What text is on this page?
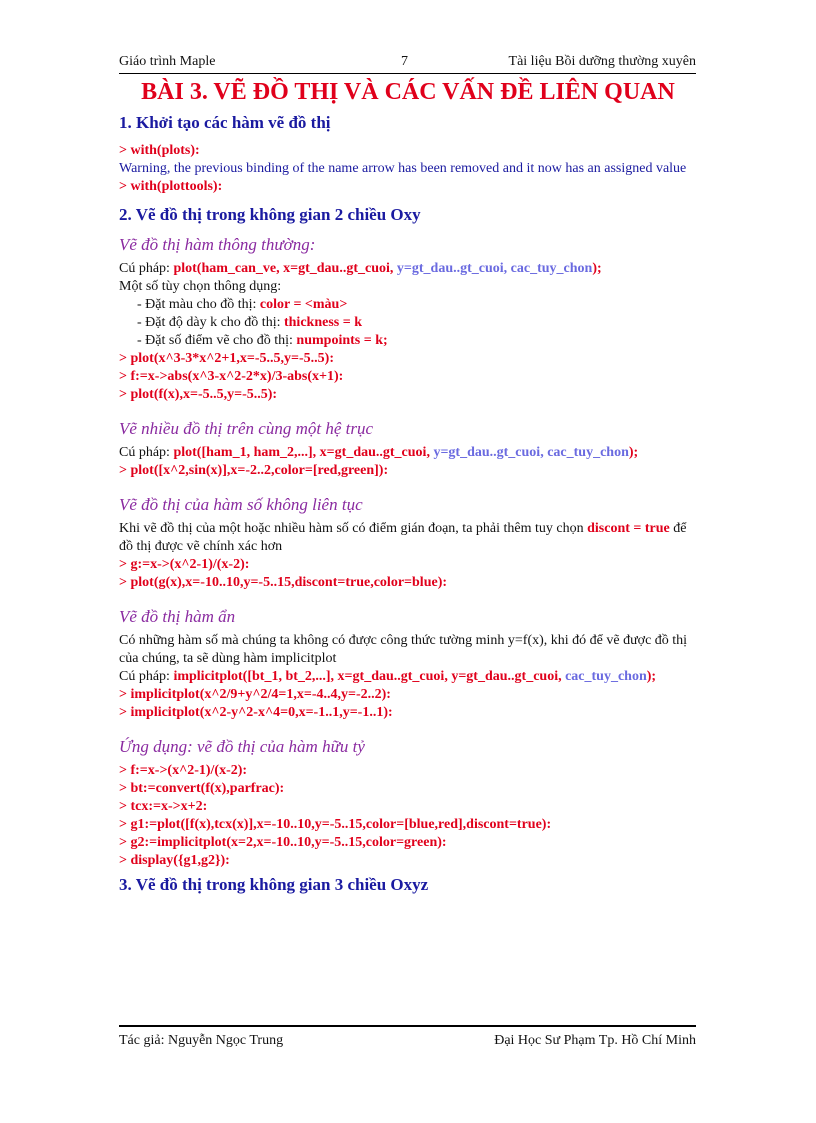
Giáo trình Maple	7	Tài liệu Bồi dưỡng thường xuyên
BÀI 3. VẼ ĐỒ THỊ VÀ CÁC VẤN ĐỀ LIÊN QUAN
1. Khởi tạo các hàm vẽ đồ thị

> with(plots):

Warning, the previous binding of the name arrow has been removed and it now has an assigned value

> with(plottools):

2. Vẽ đồ thị trong không gian 2 chiều Oxy
Vẽ đồ thị hàm thông thường:

Cú pháp: plot(ham_can_ve, x=gt_dau..gt_cuoi, y=gt_dau..gt_cuoi, cac_tuy_chon);

Một số tùy chọn thông dụng:

- Đặt màu cho đồ thị: color = <màu>

- Đặt độ dày k cho đồ thị: thickness = k

- Đặt số điểm vẽ cho đồ thị: numpoints = k;

> plot(x^3-3*x^2+1,x=-5..5,y=-5..5):

> f:=x->abs(x^3-x^2-2*x)/3-abs(x+1):

> plot(f(x),x=-5..5,y=-5..5):

Vẽ nhiều đồ thị trên cùng một hệ trục

Cú pháp: plot([ham_1, ham_2,...], x=gt_dau..gt_cuoi, y=gt_dau..gt_cuoi, cac_tuy_chon);

> plot([x^2,sin(x)],x=-2..2,color=[red,green]):

Vẽ đồ thị của hàm số không liên tục

Khi vẽ đồ thị của một hoặc nhiều hàm số có điểm gián đoạn, ta phải thêm tuy chọn discont = true để đồ thị được vẽ chính xác hơn

> g:=x->(x^2-1)/(x-2):

> plot(g(x),x=-10..10,y=-5..15,discont=true,color=blue):

Vẽ đồ thị hàm ẩn

Có những hàm số mà chúng ta không có được công thức tường minh y=f(x), khi đó để vẽ được đồ thị của chúng, ta sẽ dùng hàm implicitplot

Cú pháp: implicitplot([bt_1, bt_2,...], x=gt_dau..gt_cuoi, y=gt_dau..gt_cuoi, cac_tuy_chon);

> implicitplot(x^2/9+y^2/4=1,x=-4..4,y=-2..2):

> implicitplot(x^2-y^2-x^4=0,x=-1..1,y=-1..1):

Ứng dụng: vẽ đồ thị của hàm hữu tỷ

> f:=x->(x^2-1)/(x-2):

> bt:=convert(f(x),parfrac):

> tcx:=x->x+2:

> g1:=plot([f(x),tcx(x)],x=-10..10,y=-5..15,color=[blue,red],discont=true):

> g2:=implicitplot(x=2,x=-10..10,y=-5..15,color=green):

> display({g1,g2}):

3. Vẽ đồ thị trong không gian 3 chiều Oxyz
Tác giả: Nguyễn Ngọc Trung	Đại Học Sư Phạm Tp. Hồ Chí Minh
